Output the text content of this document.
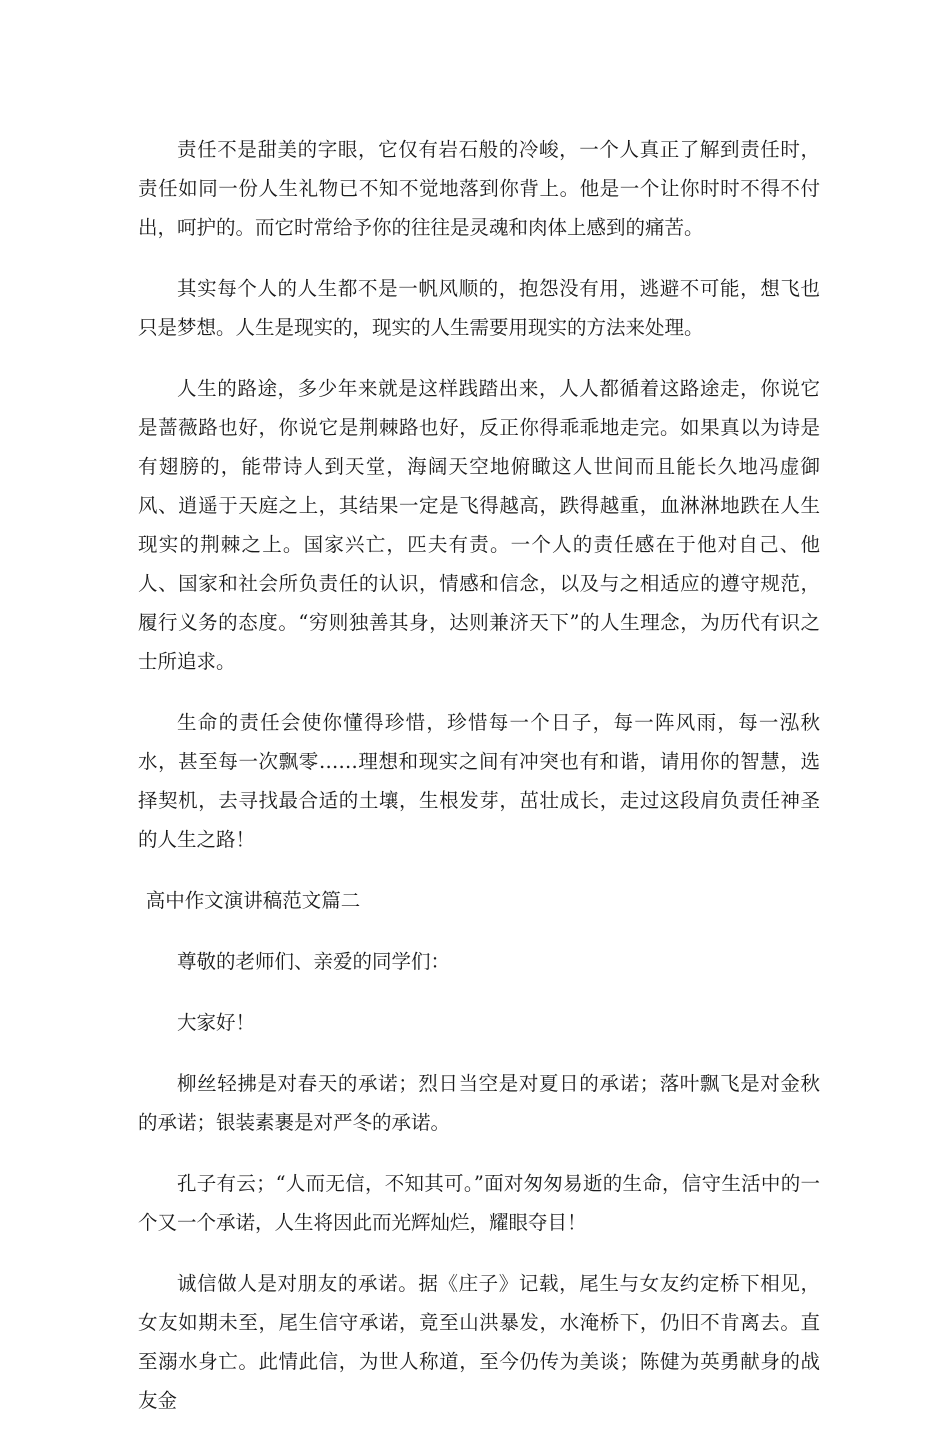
责任不是甜美的字眼，它仅有岩石般的冷峻，一个人真正了解到责任时，责任如同一份人生礼物已不知不觉地落到你背上。他是一个让你时时不得不付出，呵护的。而它时常给予你的往往是灵魂和肉体上感到的痛苦。

其实每个人的人生都不是一帆风顺的，抱怨没有用，逃避不可能，想飞也只是梦想。人生是现实的，现实的人生需要用现实的方法来处理。

人生的路途，多少年来就是这样践踏出来，人人都循着这路途走，你说它是蔷薇路也好，你说它是荆棘路也好，反正你得乖乖地走完。如果真以为诗是有翅膀的，能带诗人到天堂，海阔天空地俯瞰这人世间而且能长久地冯虚御风、逍遥于天庭之上，其结果一定是飞得越高，跌得越重，血淋淋地跌在人生现实的荆棘之上。国家兴亡，匹夫有责。一个人的责任感在于他对自己、他人、国家和社会所负责任的认识，情感和信念，以及与之相适应的遵守规范，履行义务的态度。“穷则独善其身，达则兼济天下”的人生理念，为历代有识之士所追求。

生命的责任会使你懂得珍惜，珍惜每一个日子，每一阵风雨，每一泓秋水，甚至每一次飘零……理想和现实之间有冲突也有和谐，请用你的智慧，选择契机，去寻找最合适的土壤，生根发芽，茁壮成长，走过这段肩负责任神圣的人生之路！

高中作文演讲稿范文篇二

尊敬的老师们、亲爱的同学们：

大家好！

柳丝轻拂是对春天的承诺；烈日当空是对夏日的承诺；落叶飘飞是对金秋的承诺；银装素裹是对严冬的承诺。

孔子有云；“人而无信，不知其可。”面对匆匆易逝的生命，信守生活中的一个又一个承诺，人生将因此而光辉灿烂，耀眼夺目！

诚信做人是对朋友的承诺。据《庄子》记载，尾生与女友约定桥下相见，女友如期未至，尾生信守承诺，竟至山洪暴发，水淹桥下，仍旧不肯离去。直至溺水身亡。此情此信，为世人称道，至今仍传为美谈；陈健为英勇献身的战友金
